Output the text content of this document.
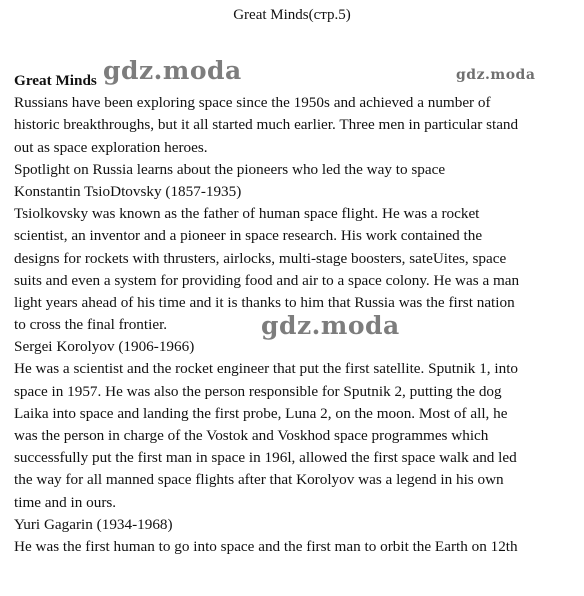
Great Minds(стр.5)
gdz.moda	gdz.moda
gdz.moda
Great Minds
Russians have been exploring space since the 1950s and achieved a number of
historic breakthroughs, but it all started much earlier. Three men in particular stand
out as space exploration heroes.
Spotlight on Russia learns about the pioneers who led the way to space
Konstantin TsioDtovsky (1857-1935)
Tsiolkovsky was known as the father of human space flight. He was a rocket
scientist, an inventor and a pioneer in space research. His work contained the
designs for rockets with thrusters, airlocks, multi-stage boosters, sateUites, space
suits and even a system for providing food and air to a space colony. He was a man
light years ahead of his time and it is thanks to him that Russia was the first nation
to cross the final frontier.
Sergei Korolyov (1906-1966)
He was a scientist and the rocket engineer that put the first satellite. Sputnik 1, into
space in 1957. He was also the person responsible for Sputnik 2, putting the dog
Laika into space and landing the first probe, Luna 2, on the moon. Most of all, he
was the person in charge of the Vostok and Voskhod space programmes which
successfully put the first man in space in 196l, allowed the first space walk and led
the way for all manned space flights after that Korolyov was a legend in his own
time and in ours.
Yuri Gagarin (1934-1968)
He was the first human to go into space and the first man to orbit the Earth on 12th
